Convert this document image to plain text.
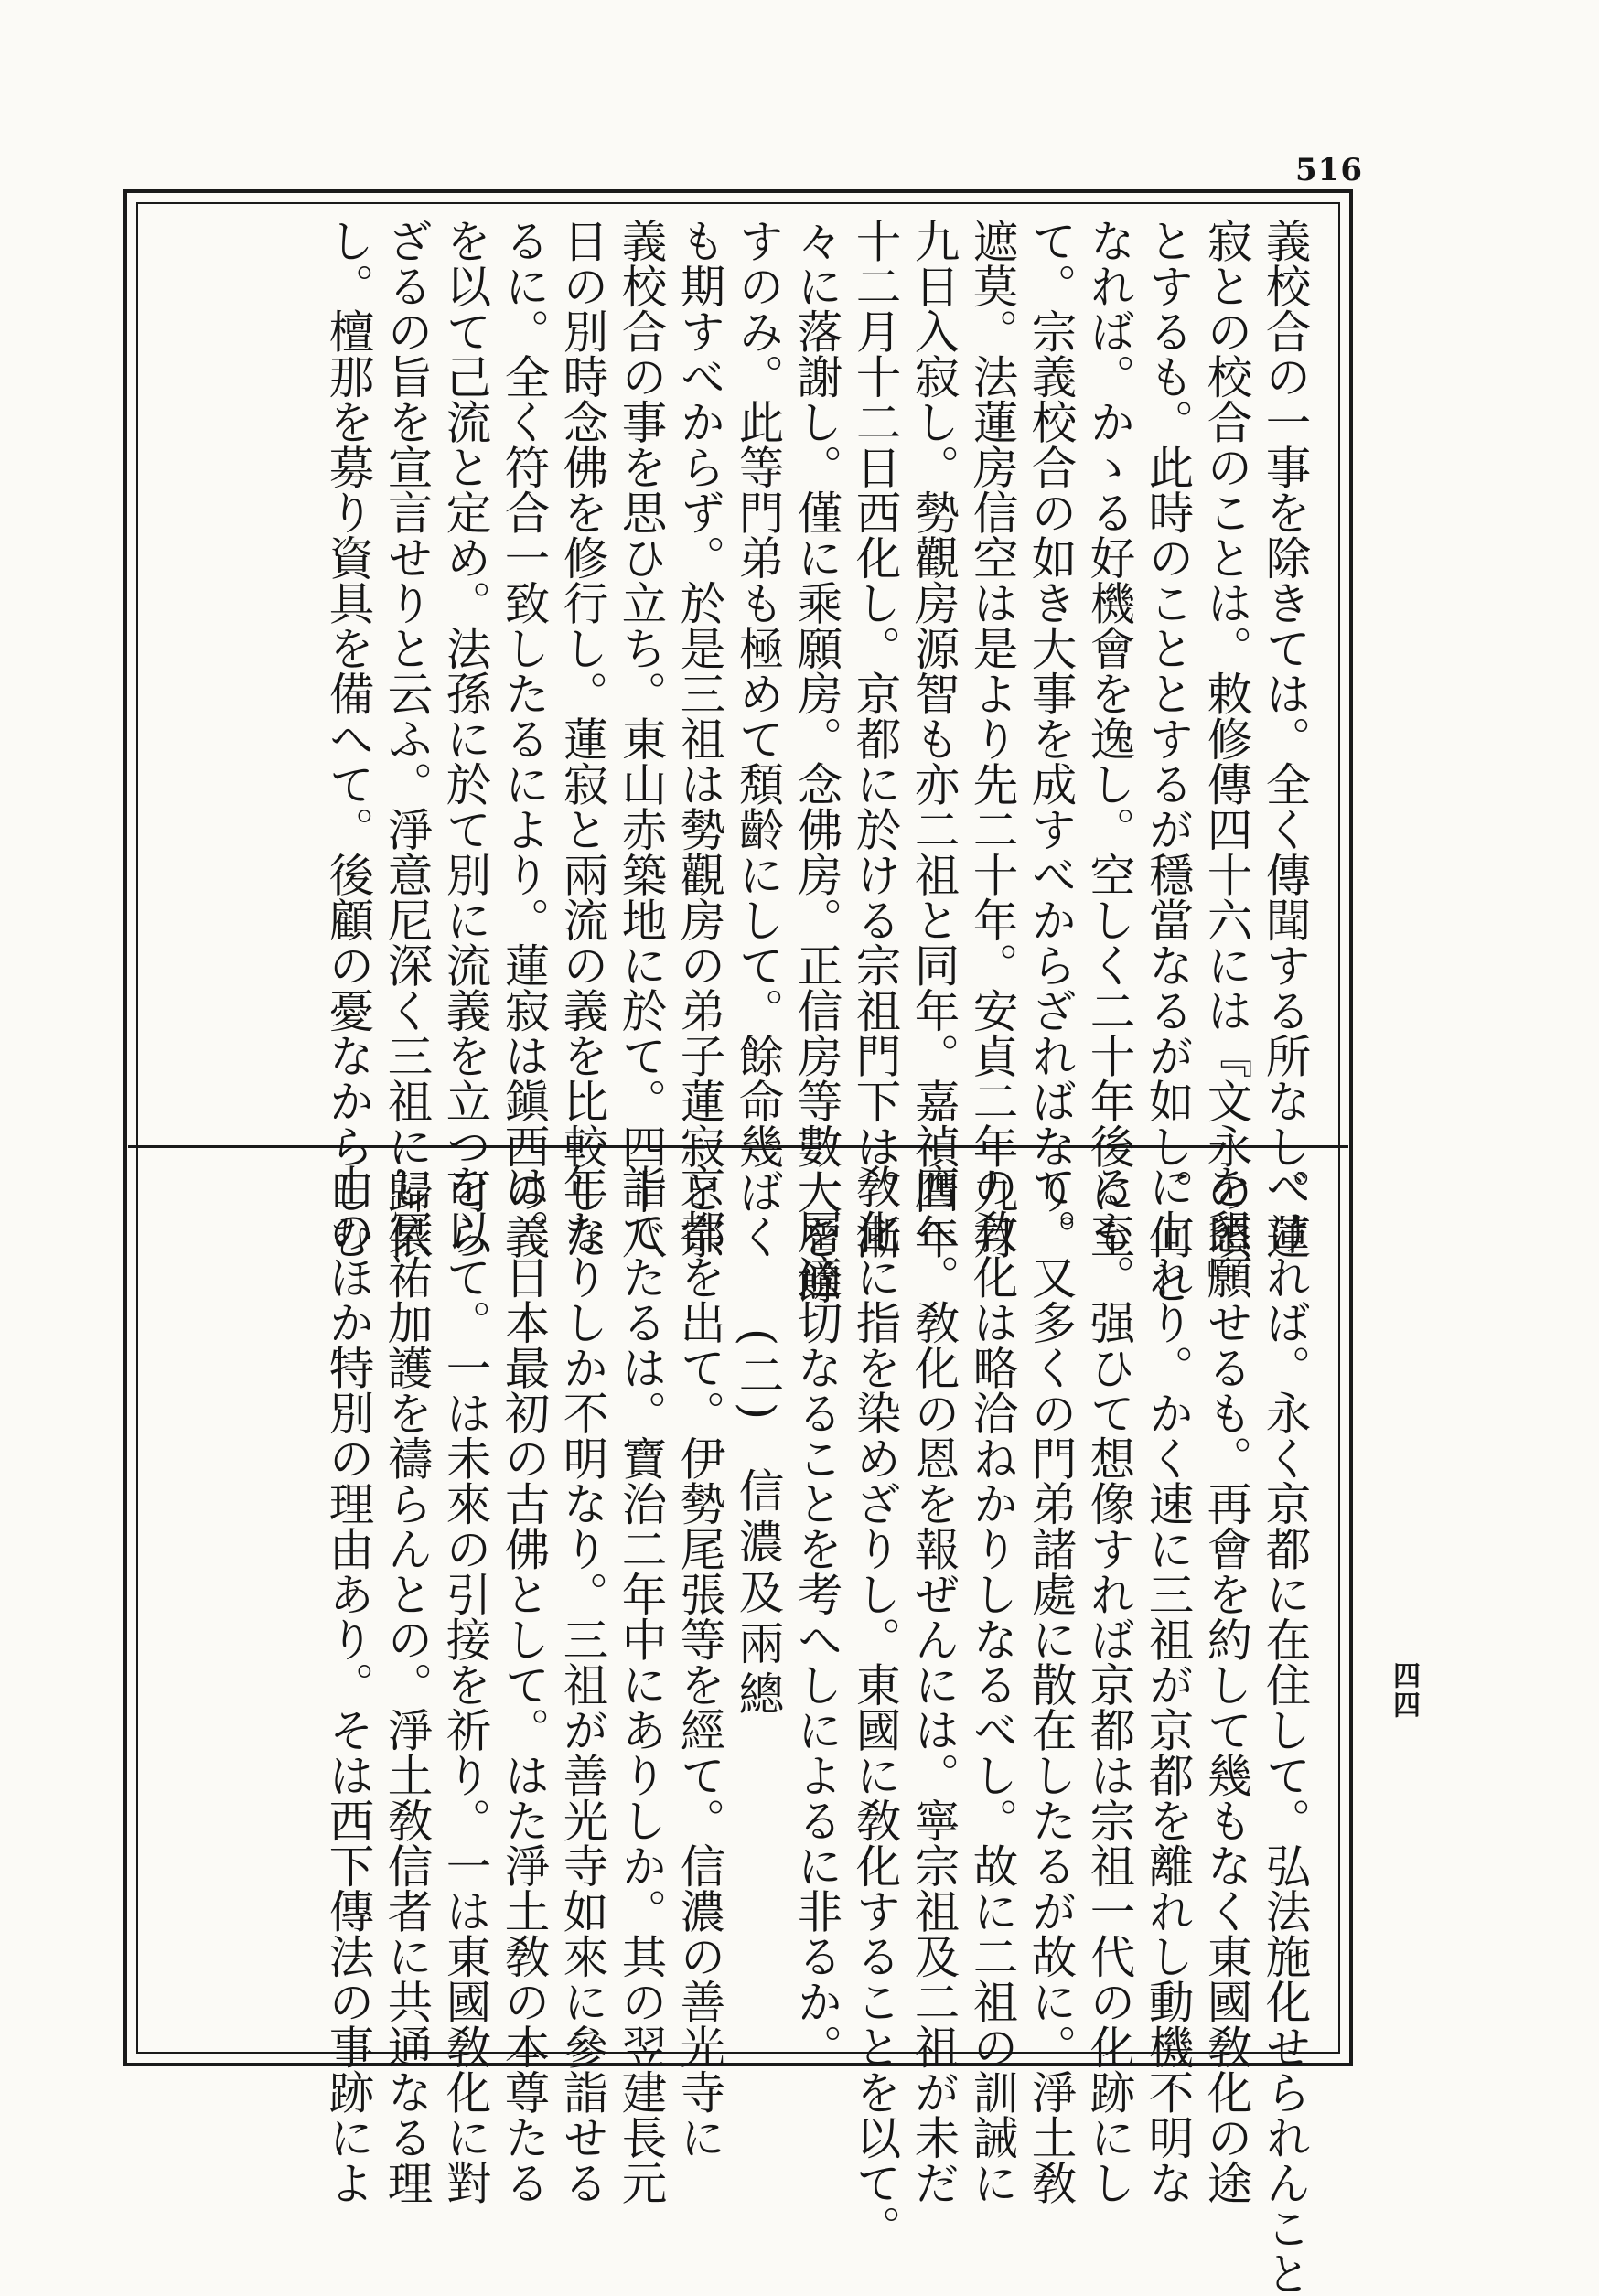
516
義校合の一事を除きては。全く傳聞する所なし。蓮
寂との校合のことは。敕修傳四十六には『文永の頃』
とするも。此時のこととするが穩當なるが如し。何と
なれば。かゝる好機會を逸し。空しく二十年後に至
て。宗義校合の如き大事を成すべからざればなり。
遮莫。法蓮房信空は是より先二十年。安貞二年九月
九日入寂し。勢觀房源智も亦二祖と同年。嘉禎四年
十二月十二日西化し。京都に於ける宗祖門下は。漸
々に落謝し。僅に乘願房。念佛房。正信房等數人を餘
すのみ。此等門弟も極めて頽齡にして。餘命幾ばく
も期すべからず。於是三祖は勢觀房の弟子蓮寂と宗
義校合の事を思ひ立ち。東山赤築地に於て。四十八
日の別時念佛を修行し。蓮寂と兩流の義を比較した
るに。全く符合一致したるにより。蓮寂は鎭西の義
を以て己流と定め。法孫に於て別に流義を立つ可ら
ざるの旨を宣言せりと云ふ。淨意尼深く三祖に歸依
し。檀那を募り資具を備へて。後顧の憂なからしむ
べければ。永く京都に在住して。弘法施化せられんこと
を懇願せるも。再會を約して幾もなく東國敎化の途
に上れり。かく速に三祖が京都を離れし動機不明な
るも。强ひて想像すれば京都は宗祖一代の化跡にし
て。又多くの門弟諸處に散在したるが故に。淨土敎
の敎化は略洽ねかりしなるべし。故に二祖の訓誡に
膺へ。敎化の恩を報ぜんには。寧宗祖及二祖が未だ
敎化に指を染めざりし。東國に敎化することを以て。
一層適切なることを考へしによるに非るか。
(二) 信濃及兩總
京都を出て。伊勢尾張等を經て。信濃の善光寺に
詣でたるは。寶治二年中にありしか。其の翌建長元
年なりしか不明なり。三祖が善光寺如來に參詣せる
は。日本最初の古佛として。はた淨土敎の本尊たる
を以て。一は未來の引接を祈り。一は東國敎化に對
し冥祐加護を禱らんとの。淨土敎信者に共通なる理
由のほか特別の理由あり。そは西下傳法の事跡によ	四四
